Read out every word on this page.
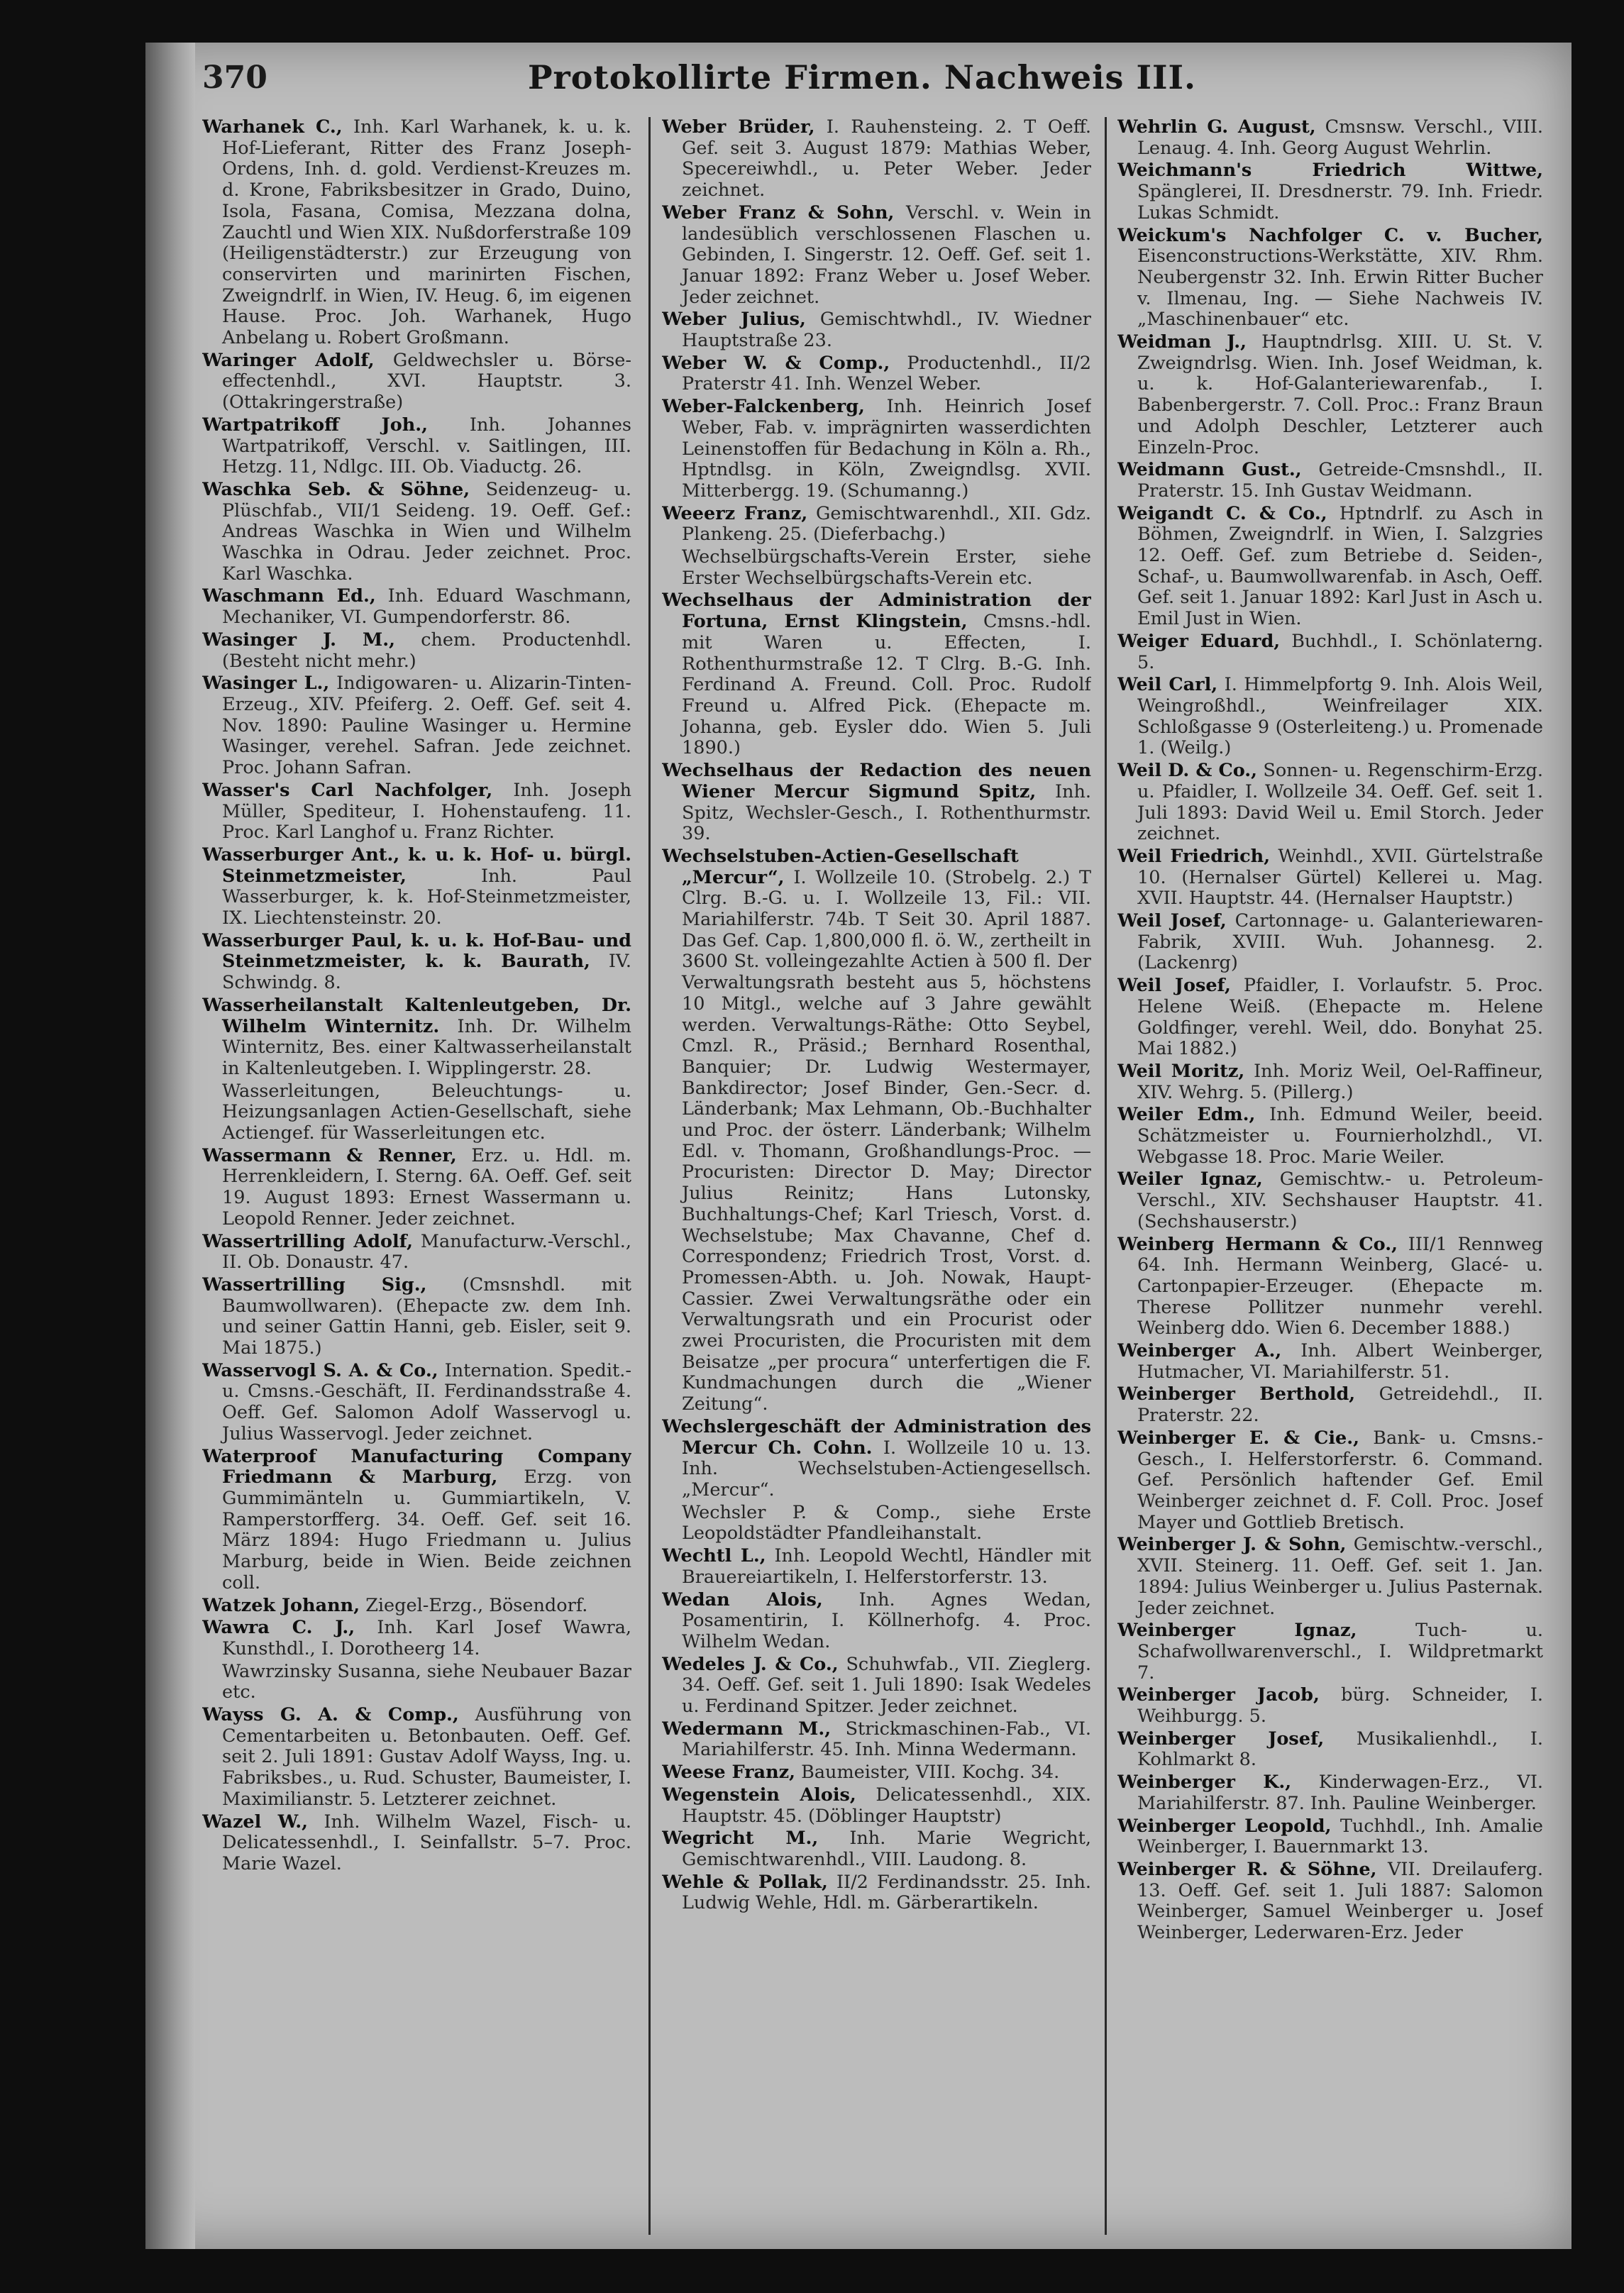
370	Protokollirte Firmen. Nachweis III.

Warhanek C., Inh. Karl Warhanek, k. u. k. Hof-Lieferant, Ritter des Franz Joseph-Ordens, Inh. d. gold. Verdienst-Kreuzes m. d. Krone, Fabriksbesitzer in Grado, Duino, Isola, Fasana, Comisa, Mezzana dolna, Zauchtl und Wien XIX. Nußdorferstraße 109 (Heiligenstädterstr.) zur Erzeugung von conservirten und marinirten Fischen, Zweigndrlf. in Wien, IV. Heug. 6, im eigenen Hause. Proc. Joh. Warhanek, Hugo Anbelang u. Robert Großmann.

Waringer Adolf, Geldwechsler u. Börse-effectenhdl., XVI. Hauptstr. 3. (Ottakringerstraße)

Wartpatrikoff Joh., Inh. Johannes Wartpatrikoff, Verschl. v. Saitlingen, III. Hetzg. 11, Ndlgc. III. Ob. Viaductg. 26.

Waschka Seb. & Söhne, Seidenzeug- u. Plüschfab., VII/1 Seideng. 19. Oeff. Gef.: Andreas Waschka in Wien und Wilhelm Waschka in Odrau. Jeder zeichnet. Proc. Karl Waschka.

Waschmann Ed., Inh. Eduard Waschmann, Mechaniker, VI. Gumpendorferstr. 86.

Wasinger J. M., chem. Productenhdl. (Besteht nicht mehr.)

Wasinger L., Indigowaren- u. Alizarin-Tinten-Erzeug., XIV. Pfeiferg. 2. Oeff. Gef. seit 4. Nov. 1890: Pauline Wasinger u. Hermine Wasinger, verehel. Safran. Jede zeichnet. Proc. Johann Safran.

Wasser's Carl Nachfolger, Inh. Joseph Müller, Spediteur, I. Hohenstaufeng. 11. Proc. Karl Langhof u. Franz Richter.

Wasserburger Ant., k. u. k. Hof- u. bürgl. Steinmetzmeister,	Inh. Paul Wasserburger, k. k. Hof-Steinmetzmeister, IX. Liechtensteinstr. 20.

Wasserburger Paul, k. u. k. Hof-Bau- und Steinmetzmeister, k. k. Baurath, IV. Schwindg. 8.

Wasserheilanstalt Kaltenleutgeben, Dr. Wilhelm Winternitz. Inh. Dr. Wilhelm Winternitz, Bes. einer Kaltwasserheilanstalt in Kaltenleutgeben. I. Wipplingerstr. 28.

Wasserleitungen, Beleuchtungs- u. Heizungsanlagen Actien-Gesellschaft, siehe Actiengef. für Wasserleitungen etc.

Wassermann & Renner, Erz. u. Hdl. m. Herrenkleidern, I. Sterng. 6A. Oeff. Gef. seit 19. August 1893: Ernest Wassermann u. Leopold Renner. Jeder zeichnet.

Wassertrilling Adolf, Manufacturw.-Verschl., II. Ob. Donaustr. 47.

Wassertrilling Sig., (Cmsnshdl. mit Baumwollwaren). (Ehepacte zw. dem Inh. und seiner Gattin Hanni, geb. Eisler, seit 9. Mai 1875.)

Wasservogl S. A. & Co., Internation. Spedit.- u. Cmsns.-Geschäft, II. Ferdinandsstraße 4. Oeff. Gef. Salomon Adolf Wasservogl u. Julius Wasservogl. Jeder zeichnet.

Waterproof Manufacturing Company Friedmann & Marburg, Erzg. von Gummimänteln u. Gummiartikeln, V. Ramperstorfferg. 34. Oeff. Gef. seit 16. März 1894: Hugo Friedmann u. Julius Marburg, beide in Wien. Beide zeichnen coll.

Watzek Johann, Ziegel-Erzg., Bösendorf.

Wawra C. J., Inh. Karl Josef Wawra, Kunsthdl., I. Dorotheerg 14.

Wawrzinsky Susanna, siehe Neubauer Bazar etc.

Wayss G. A. & Comp., Ausführung von Cementarbeiten u. Betonbauten. Oeff. Gef. seit 2. Juli 1891: Gustav Adolf Wayss, Ing. u. Fabriksbes., u. Rud. Schuster, Baumeister, I. Maximilianstr. 5. Letzterer zeichnet.

Wazel W., Inh. Wilhelm Wazel, Fisch- u. Delicatessenhdl., I. Seinfallstr. 5–7. Proc. Marie Wazel.

Weber Brüder, I. Rauhensteing. 2. T Oeff. Gef. seit 3. August 1879: Mathias Weber, Specereiwhdl., u. Peter Weber. Jeder zeichnet.

Weber Franz & Sohn, Verschl. v. Wein in landesüblich verschlossenen Flaschen u. Gebinden, I. Singerstr. 12. Oeff. Gef. seit 1. Januar 1892: Franz Weber u. Josef Weber. Jeder zeichnet.

Weber Julius, Gemischtwhdl., IV. Wiedner Hauptstraße 23.

Weber W. & Comp., Productenhdl., II/2 Praterstr 41. Inh. Wenzel Weber.

Weber-Falckenberg, Inh. Heinrich Josef Weber, Fab. v. imprägnirten wasserdichten Leinenstoffen für Bedachung in Köln a. Rh., Hptndlsg. in Köln, Zweigndlsg. XVII. Mitterbergg. 19. (Schumanng.)

Weeerz Franz, Gemischtwarenhdl., XII. Gdz. Plankeng. 25. (Dieferbachg.)

Wechselbürgschafts-Verein Erster, siehe Erster Wechselbürgschafts-Verein etc.

Wechselhaus der Administration der Fortuna, Ernst Klingstein, Cmsns.-hdl. mit Waren u. Effecten, I. Rothenthurmstraße 12. T Clrg. B.-G. Inh. Ferdinand A. Freund. Coll. Proc. Rudolf Freund u. Alfred Pick. (Ehepacte m. Johanna, geb. Eysler ddo. Wien 5. Juli 1890.)

Wechselhaus der Redaction des neuen Wiener Mercur Sigmund Spitz, Inh. Spitz, Wechsler-Gesch., I. Rothenthurmstr. 39.

Wechselstuben-Actien-Gesellschaft „Mercur“, I. Wollzeile 10. (Strobelg. 2.) T Clrg. B.-G. u. I. Wollzeile 13, Fil.: VII. Mariahilferstr. 74b. T Seit 30. April 1887. Das Gef. Cap. 1,800,000 fl. ö. W., zertheilt in 3600 St. volleingezahlte Actien à 500 fl. Der Verwaltungsrath besteht aus 5, höchstens 10 Mitgl., welche auf 3 Jahre gewählt werden. Verwaltungs-Räthe: Otto Seybel, Cmzl. R., Präsid.; Bernhard Rosenthal, Banquier; Dr. Ludwig Westermayer, Bankdirector; Josef Binder, Gen.-Secr. d. Länderbank; Max Lehmann, Ob.-Buchhalter und Proc. der österr. Länderbank; Wilhelm Edl. v. Thomann, Großhandlungs-Proc. — Procuristen: Director D. May; Director Julius Reinitz; Hans Lutonsky, Buchhaltungs-Chef; Karl Triesch, Vorst. d. Wechselstube; Max Chavanne, Chef d. Correspondenz; Friedrich Trost, Vorst. d. Promessen-Abth. u. Joh. Nowak, Haupt-Cassier. Zwei Verwaltungsräthe oder ein Verwaltungsrath und ein Procurist oder zwei Procuristen, die Procuristen mit dem Beisatze „per procura“ unterfertigen die F. Kundmachungen durch die „Wiener Zeitung“.

Wechslergeschäft der Administration des Mercur Ch. Cohn. I. Wollzeile 10 u. 13. Inh. Wechselstuben-Actiengesellsch. „Mercur“.

Wechsler P. & Comp., siehe Erste Leopoldstädter Pfandleihanstalt.

Wechtl L., Inh. Leopold Wechtl, Händler mit Brauereiartikeln, I. Helferstorferstr. 13.

Wedan Alois, Inh. Agnes Wedan, Posamentirin, I. Köllnerhofg. 4. Proc. Wilhelm Wedan.

Wedeles J. & Co., Schuhwfab., VII. Zieglerg. 34. Oeff. Gef. seit 1. Juli 1890: Isak Wedeles u. Ferdinand Spitzer. Jeder zeichnet.

Wedermann M., Strickmaschinen-Fab., VI. Mariahilferstr. 45. Inh. Minna Wedermann.

Weese Franz, Baumeister, VIII. Kochg. 34.

Wegenstein Alois, Delicatessenhdl., XIX. Hauptstr. 45. (Döblinger Hauptstr)

Wegricht M., Inh. Marie Wegricht, Gemischtwarenhdl., VIII. Laudong. 8.

Wehle & Pollak, II/2 Ferdinandsstr. 25. Inh. Ludwig Wehle, Hdl. m. Gärberartikeln.

Wehrlin G. August, Cmsnsw. Verschl., VIII. Lenaug. 4. Inh. Georg August Wehrlin.

Weichmann's Friedrich Wittwe, Spänglerei, II. Dresdnerstr. 79. Inh. Friedr. Lukas Schmidt.

Weickum's Nachfolger C. v. Bucher, Eisenconstructions-Werkstätte, XIV. Rhm. Neubergenstr 32. Inh. Erwin Ritter Bucher v. Ilmenau, Ing. — Siehe Nachweis IV. „Maschinenbauer“ etc.

Weidman J., Hauptndrlsg. XIII. U. St. V. Zweigndrlsg. Wien. Inh. Josef Weidman, k. u. k. Hof-Galanteriewarenfab., I. Babenbergerstr. 7. Coll. Proc.: Franz Braun und Adolph Deschler, Letzterer auch Einzeln-Proc.

Weidmann Gust., Getreide-Cmsnshdl., II. Praterstr. 15. Inh Gustav Weidmann.

Weigandt C. & Co., Hptndrlf. zu Asch in Böhmen, Zweigndrlf. in Wien, I. Salzgries 12. Oeff. Gef. zum Betriebe d. Seiden-, Schaf-, u. Baumwollwarenfab. in Asch, Oeff. Gef. seit 1. Januar 1892: Karl Just in Asch u. Emil Just in Wien.

Weiger Eduard, Buchhdl., I. Schönlaterng. 5.

Weil Carl, I. Himmelpfortg 9. Inh. Alois Weil, Weingroßhdl., Weinfreilager XIX. Schloßgasse 9 (Osterleiteng.) u. Promenade 1. (Weilg.)

Weil D. & Co., Sonnen- u. Regenschirm-Erzg. u. Pfaidler, I. Wollzeile 34. Oeff. Gef. seit 1. Juli 1893: David Weil u. Emil Storch. Jeder zeichnet.

Weil Friedrich, Weinhdl., XVII. Gürtelstraße 10. (Hernalser Gürtel) Kellerei u. Mag. XVII. Hauptstr. 44. (Hernalser Hauptstr.)

Weil Josef, Cartonnage- u. Galanteriewaren-Fabrik, XVIII. Wuh. Johannesg. 2. (Lackenrg)

Weil Josef, Pfaidler, I. Vorlaufstr. 5. Proc. Helene Weiß. (Ehepacte m. Helene Goldfinger, verehl. Weil, ddo. Bonyhat 25. Mai 1882.)

Weil Moritz, Inh. Moriz Weil, Oel-Raffineur, XIV. Wehrg. 5. (Pillerg.)

Weiler Edm., Inh. Edmund Weiler, beeid. Schätzmeister u. Fournierholzhdl., VI. Webgasse 18. Proc. Marie Weiler.

Weiler Ignaz, Gemischtw.- u. Petroleum-Verschl., XIV. Sechshauser Hauptstr. 41. (Sechshauserstr.)

Weinberg Hermann & Co., III/1 Rennweg 64. Inh. Hermann Weinberg, Glacé- u. Cartonpapier-Erzeuger. (Ehepacte m. Therese Pollitzer nunmehr verehl. Weinberg ddo. Wien 6. December 1888.)

Weinberger A., Inh. Albert Weinberger, Hutmacher, VI. Mariahilferstr. 51.

Weinberger Berthold, Getreidehdl., II. Praterstr. 22.

Weinberger E. & Cie., Bank- u. Cmsns.-Gesch., I. Helferstorferstr. 6. Command. Gef. Persönlich haftender Gef. Emil Weinberger zeichnet d. F. Coll. Proc. Josef Mayer und Gottlieb Bretisch.

Weinberger J. & Sohn, Gemischtw.-verschl., XVII. Steinerg. 11. Oeff. Gef. seit 1. Jan. 1894: Julius Weinberger u. Julius Pasternak. Jeder zeichnet.

Weinberger Ignaz,	Tuch- u. Schafwollwarenverschl., I. Wildpretmarkt 7.

Weinberger Jacob, bürg. Schneider, I. Weihburgg. 5.

Weinberger Josef, Musikalienhdl., I. Kohlmarkt 8.

Weinberger K., Kinderwagen-Erz., VI. Mariahilferstr. 87. Inh. Pauline Weinberger.

Weinberger Leopold, Tuchhdl., Inh. Amalie Weinberger, I. Bauernmarkt 13.

Weinberger R. & Söhne, VII. Dreilauferg. 13. Oeff. Gef. seit 1. Juli 1887: Salomon Weinberger, Samuel Weinberger u. Josef Weinberger, Lederwaren-Erz. Jeder
